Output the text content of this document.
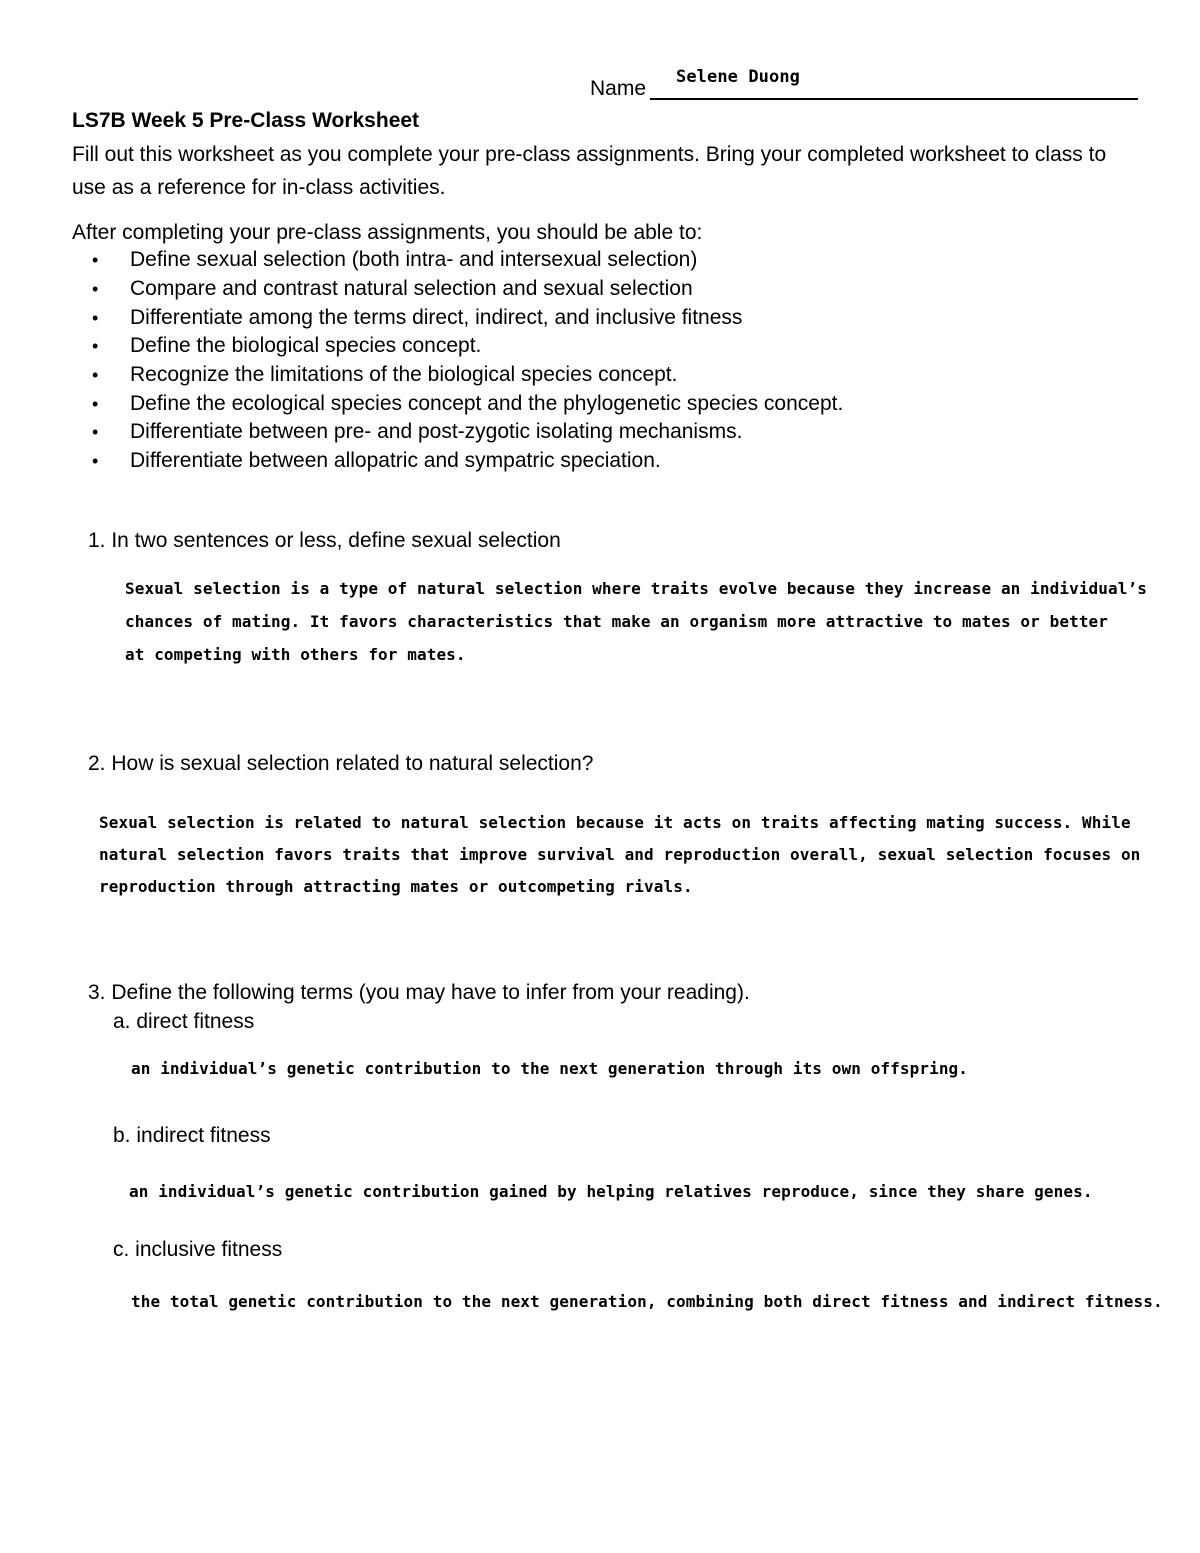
Name Selene Duong
LS7B Week 5 Pre-Class Worksheet
Fill out this worksheet as you complete your pre-class assignments. Bring your completed worksheet to class to
use as a reference for in-class activities.
After completing your pre-class assignments, you should be able to:
• Define sexual selection (both intra- and intersexual selection)
• Compare and contrast natural selection and sexual selection
• Differentiate among the terms direct, indirect, and inclusive fitness
• Define the biological species concept.
• Recognize the limitations of the biological species concept.
• Define the ecological species concept and the phylogenetic species concept.
• Differentiate between pre- and post-zygotic isolating mechanisms.
• Differentiate between allopatric and sympatric speciation.
1. In two sentences or less, define sexual selection
Sexual selection is a type of natural selection where traits evolve because they increase an individual’s
chances of mating. It favors characteristics that make an organism more attractive to mates or better
at competing with others for mates.
2. How is sexual selection related to natural selection?
Sexual selection is related to natural selection because it acts on traits affecting mating success. While
natural selection favors traits that improve survival and reproduction overall, sexual selection focuses on
reproduction through attracting mates or outcompeting rivals.
3. Define the following terms (you may have to infer from your reading).
a. direct fitness
an individual’s genetic contribution to the next generation through its own offspring.
b. indirect fitness
an individual’s genetic contribution gained by helping relatives reproduce, since they share genes.
c. inclusive fitness
the total genetic contribution to the next generation, combining both direct fitness and indirect fitness.
